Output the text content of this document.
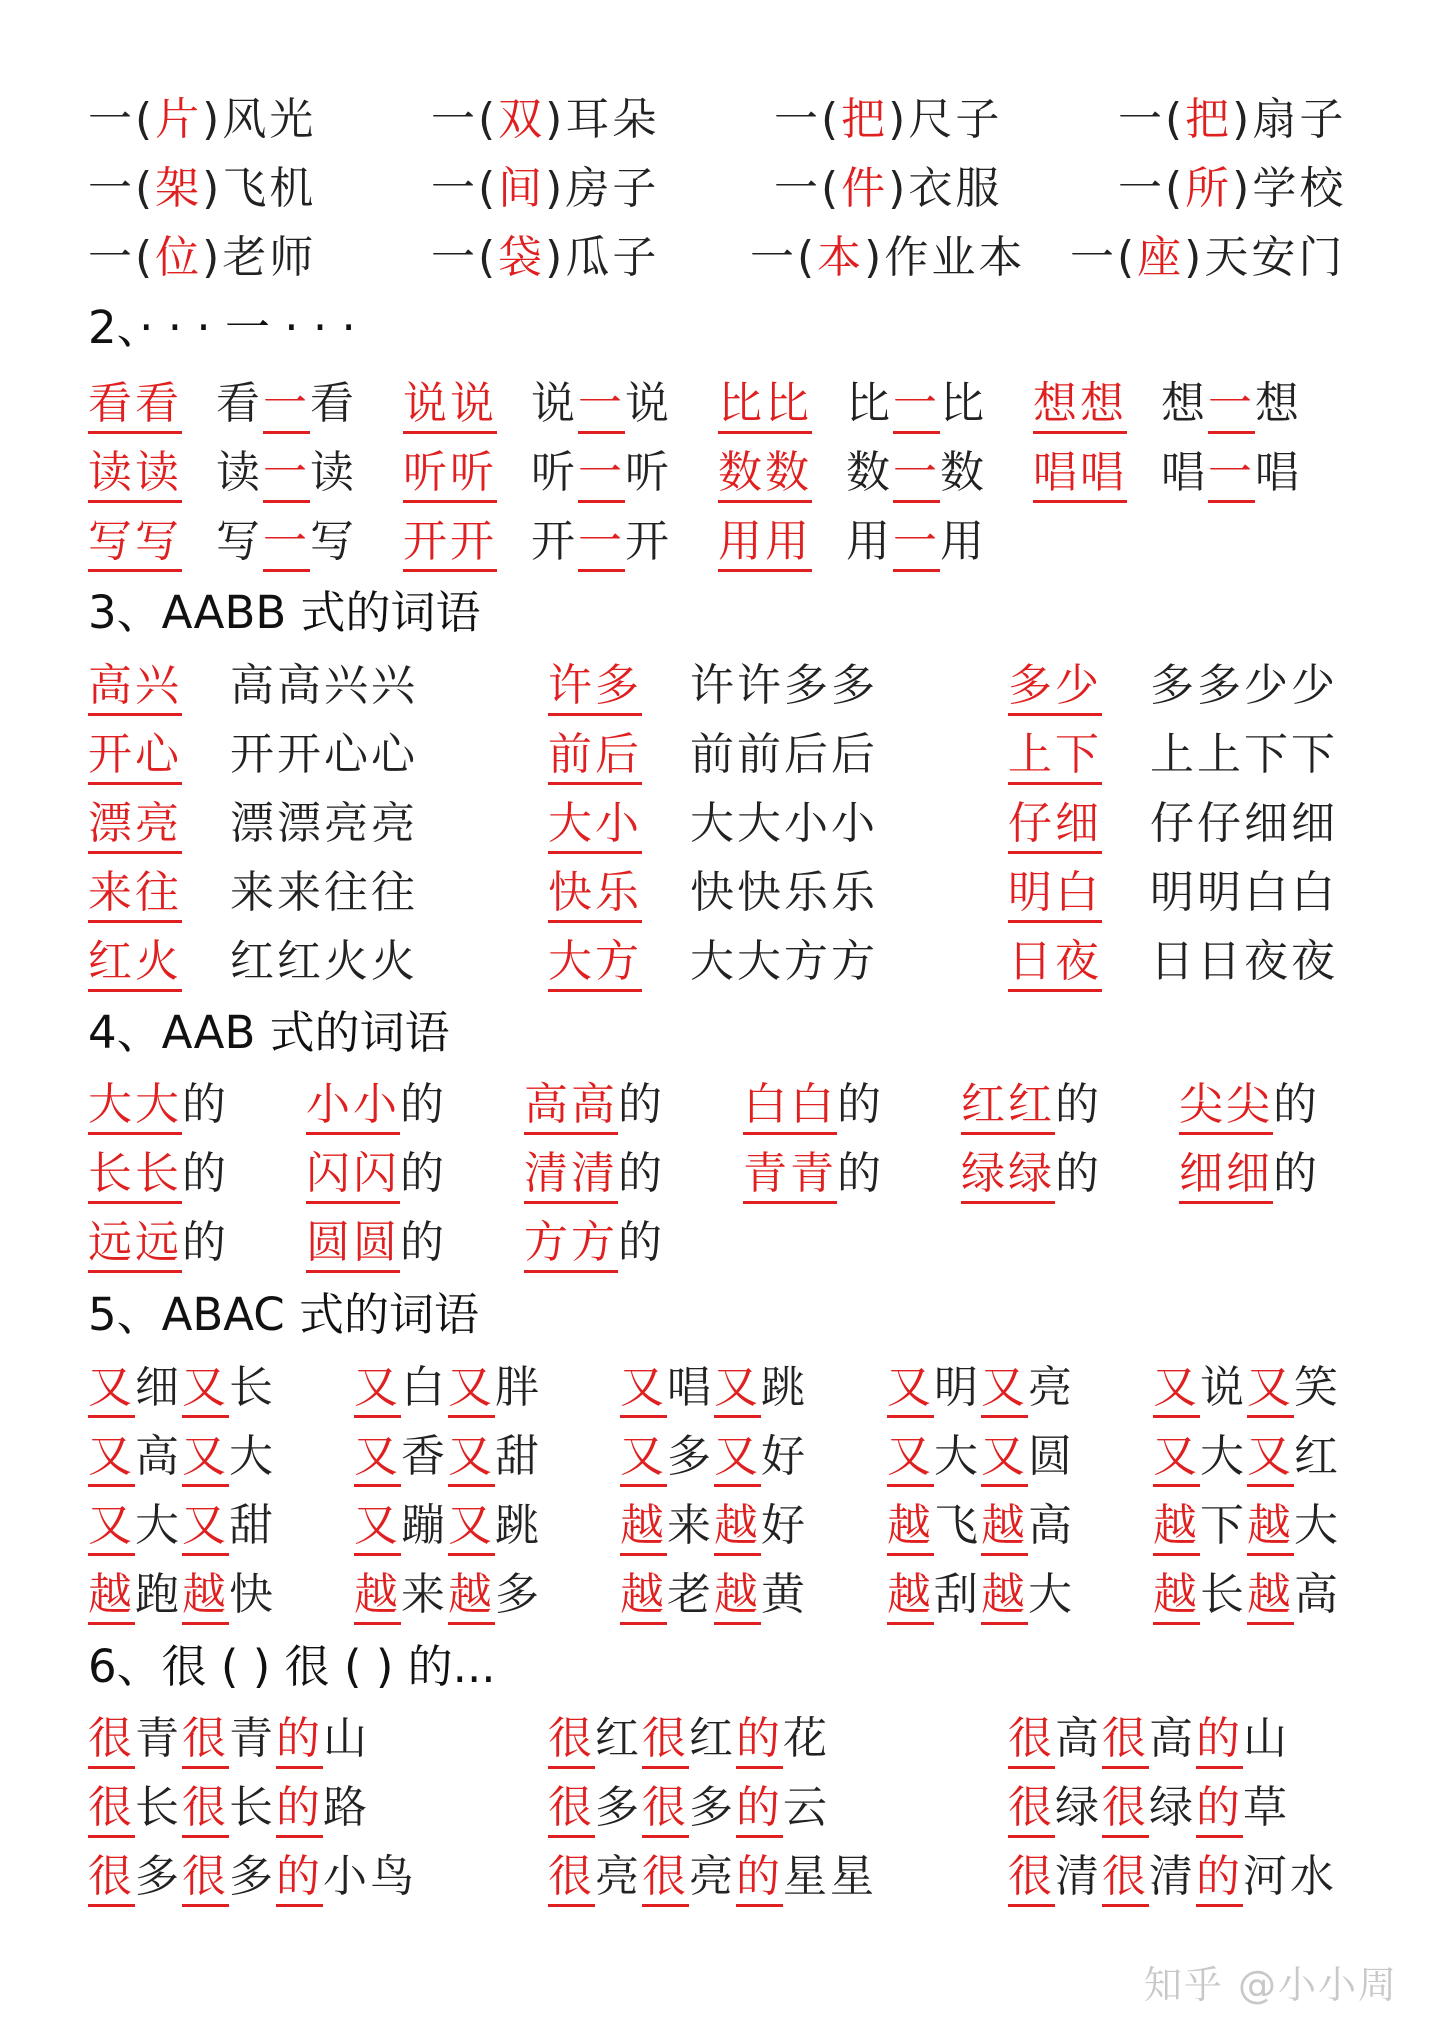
一(片)风光	一(双)耳朵	一(把)尺子	一(把)扇子
一(架)飞机	一(间)房子	一(件)衣服	一(所)学校
一(位)老师	一(袋)瓜子 一(本)作业本 一(座)天安门
2、· · · 一 · · ·
看看 看一看 说说 说一说 比比 比一比 想想 想一想
读读 读一读 听听 听一听 数数 数一数 唱唱 唱一唱
写写 写一写 开开 开一开 用用 用一用
3、AABB 式的词语
高兴 高高兴兴	许多 许许多多	多少 多多少少
开心 开开心心	前后 前前后后	上下 上上下下
漂亮 漂漂亮亮	大小 大大小小	仔细 仔仔细细
来往 来来往往	快乐 快快乐乐	明白 明明白白
红火 红红火火	大方 大大方方	日夜 日日夜夜
4、AAB 式的词语
大大的 小小的 高高的 白白的 红红的 尖尖的
长长的 闪闪的 清清的 青青的 绿绿的 细细的
远远的 圆圆的 方方的
5、ABAC 式的词语
又细又长 又白又胖 又唱又跳 又明又亮 又说又笑
又高又大 又香又甜 又多又好 又大又圆 又大又红
又大又甜 又蹦又跳 越来越好 越飞越高 越下越大
越跑越快 越来越多 越老越黄 越刮越大 越长越高
6、很 ( ) 很 ( ) 的...
很青很青的山	很红很红的花	很高很高的山
很长很长的路	很多很多的云	很绿很绿的草
很多很多的小鸟	很亮很亮的星星	很清很清的河水
知乎 @小小周
